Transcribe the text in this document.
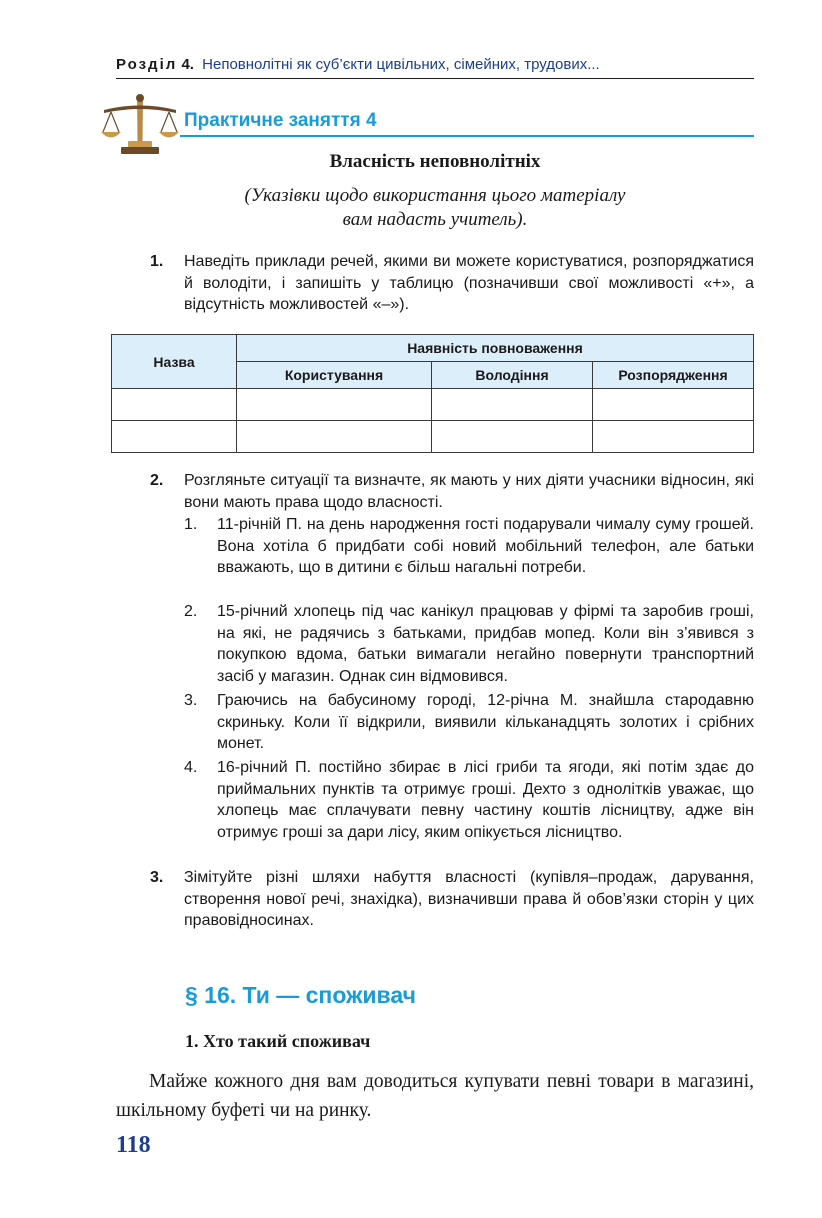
Розділ 4. Неповнолітні як суб’єкти цивільних, сімейних, трудових...
Практичне заняття 4
Власність неповнолітніх
(Указівки щодо використання цього матеріалу
вам надасть учитель).
1. Наведіть приклади речей, якими ви можете користуватися, розпоряджатися й володіти, і запишіть у таблицю (позначивши свої можливості «+», а відсутність можливостей «–»).
Назва	Наявність повноваження		
	Користування	Володіння	Розпорядження

2. Розгляньте ситуації та визначте, як мають у них діяти учасники відносин, які вони мають права щодо власності.
1. 11-річній П. на день народження гості подарували чималу суму грошей. Вона хотіла б придбати собі новий мобільний телефон, але батьки вважають, що в дитини є більш нагальні потреби.
2. 15-річний хлопець під час канікул працював у фірмі та заробив гроші, на які, не радячись з батьками, придбав мопед. Коли він з’явився з покупкою вдома, батьки вимагали негайно повернути транспортний засіб у магазин. Однак син відмовився.
3. Граючись на бабусиному городі, 12-річна М. знайшла стародавню скриньку. Коли її відкрили, виявили кільканадцять золотих і срібних монет.
4. 16-річний П. постійно збирає в лісі гриби та ягоди, які потім здає до приймальних пунктів та отримує гроші. Дехто з однолітків уважає, що хлопець має сплачувати певну частину коштів лісництву, адже він отримує гроші за дари лісу, яким опікується лісництво.
3. Зімітуйте різні шляхи набуття власності (купівля–продаж, дарування, створення нової речі, знахідка), визначивши права й обов’язки сторін у цих правовідносинах.
§ 16. Ти — споживач
1. Хто такий споживач
Майже кожного дня вам доводиться купувати певні товари в магазині, шкільному буфеті чи на ринку.
118
